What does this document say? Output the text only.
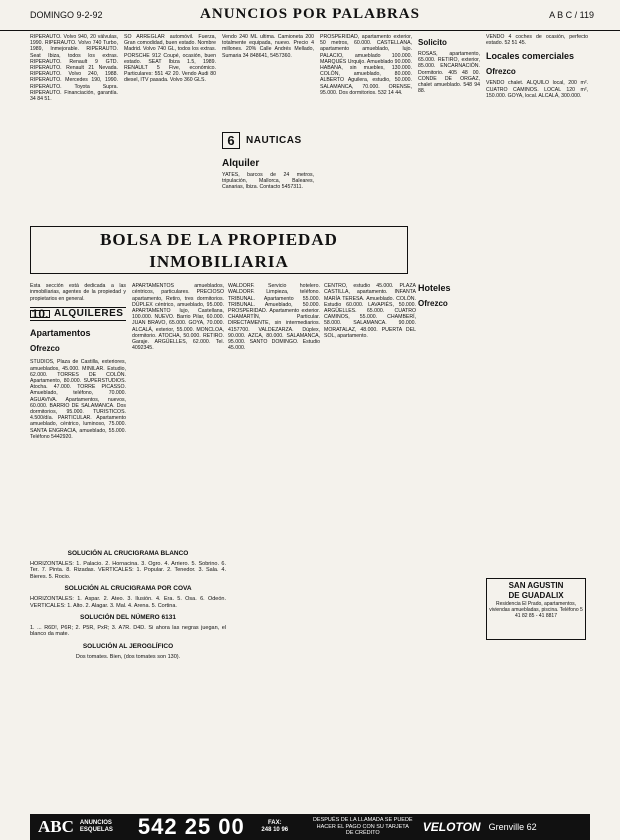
DOMINGO 9-2-92	ANUNCIOS POR PALABRAS	A B C / 119

RIPERAUTO. Volvo 940, 20 válvulas, 1990. RIPERAUTO. Volvo 740 Turbo, 1989, Inmejorable. RIPERAUTO. Seat Ibiza, todos los extras. RIPERAUTO. Renault 9 GTD. RIPERAUTO. Renault 21 Nevada. RIPERAUTO. Volvo 240, 1988. RIPERAUTO. Mercedes 190, 1990. RIPERAUTO. Toyota Supra. RIPERAUTO. Financiación, garantía. 34 84 51.

SO ARREGLAR automóvil. Fuerza, Gran comodidad, buen estado. Nombre Madrid. Volvo 740 GL, todos los extras. PORSCHE 912 Coupé, ocasión, buen estado. SEAT Ibiza 1.5, 1989. RENAULT 5 Five, económico. Particulares: 551 42 20. Vendo Audi 80 diesel, ITV pasada. Volvo 360 GLS.

Vendo 240 ML ultima. Camioneta 200 totalmente equipada, nuevo. Precio 4 millones. 20% Calle Andrés Mellado, Sumaria 34 848641, 5457360.

PROSPERIDAD, apartamento exterior, 50 metros, 60.000. CASTELLANA, apartamento amueblado, lujo. PALACIO, amueblado 100.000. MARQUÉS Urquijo. Amueblado 90.000. HABANA, sin muebles, 130.000. COLÓN, amueblado, 80.000. ALBERTO Aguilera, estudio, 50.000. SALAMANCA, 70.000. ORENSE, 95.000. Dos dormitorios. 532 14 44.

Solicito

ROSAS, apartamento, 65.000. RETIRO, exterior, 85.000. ENCARNACIÓN. Dormitorio. 405 48 00. CONDE DE ORGAZ, chalet amueblado. 548 94 88.

VENDO 4 coches de ocasión, perfecto estado. 52 51 45.

Locales comerciales
Ofrezco

VENDO chalet. ALQUILO local, 200 m². CUATRO CAMINOS. LOCAL 120 m², 150.000. GOYA, local. ALCALÁ, 300.000.

6	NAUTICAS
Alquiler
YATES, barcos de 24 metros, tripulación, Mallorca, Baleares, Canarias, Ibiza. Contacto 5457311.
BOLSA DE LA PROPIEDAD
INMOBILIARIA

Esta sección está dedicada a las inmobiliarias, agentes de la propiedad y propietarios en general.

10. ALQUILERES
Apartamentos
Ofrezco

STUDIOS, Plaza de Castilla, exteriores, amueblados, 45.000. MINILAR. Estudio, 62.000. TORRES DE COLÓN. Apartamento, 80.000. SUPERSTUDIOS. Atocha. 47.000. TORRE PICASSO. Amueblado, teléfono, 70.000. AGUAVIVA. Apartamentos, nuevos, 60.000. BARRIO DE SALAMANCA. Dos dormitorios, 95.000. TURISTICOS. 4.500/día. PARTICULAR. Apartamento amueblado, céntrico, luminoso, 75.000. SANTA ENGRACIA, amueblado, 55.000. Teléfono 5442920.

APARTAMENTOS amueblados, céntricos, particulares. PRECIOSO apartamento, Retiro, tres dormitorios. DÚPLEX céntrico, amueblado, 95.000. APARTAMENTO lujo, Castellana, 100.000. NUEVO. Barrio Pilar, 60.000. JUAN BRAVO, 65.000. GOYA, 70.000. ALCALÁ, exterior, 55.000. MONCLOA, dormitorio. ATOCHA, 50.000. RETIRO. Garaje. ARGÜELLES, 62.000. Tel. 4092345.

WALDORF. Servicio hotelero. WALDORF. Limpieza, teléfono. TRIBUNAL. Apartamento 55.000. TRIBUNAL. Amueblado, 50.000. PROSPERIDAD. Apartamento exterior. CHAMARTÍN, Particular. DIRECTAMENTE, sin intermediarios. 4157700. VALDEZARZA. Dúplex, 90.000. AZCA, 80.000. SALAMANCA, 95.000. SANTO DOMINGO. Estudio 45.000.

CENTRO, estudio 45.000. PLAZA CASTILLA, apartamento. INFANTA MARÍA TERESA. Amueblado. COLÓN. Estudio 60.000. LAVAPIÉS, 50.000. ARGÜELLES. 65.000. CUATRO CAMINOS, 55.000. CHAMBERÍ, 58.000. SALAMANCA. 90.000. MORATALAZ, 48.000. PUERTA DEL SOL, apartamento.

Hoteles
Ofrezco
SOLUCIÓN AL CRUCIGRAMA BLANCO
HORIZONTALES: 1. Palacio. 2. Hornacina. 3. Ogro. 4. Arriero. 5. Sobrino. 6. Ter. 7. Pinta. 8. Rizadas. VERTICALES: 1. Popular. 2. Tenedor. 3. Sala. 4. Bieres. 5. Rocio.
SOLUCIÓN AL CRUCIGRAMA POR COVA
HORIZONTALES: 1. Aspar. 2. Ateo. 3. Ilusión. 4. Era. 5. Osa. 6. Odeón. VERTICALES: 1. Alto. 2. Alagar. 3. Mal. 4. Arena. 5. Cortina.
SOLUCIÓN DEL NÚMERO 6131
1. ... R6D!, P6R; 2. P5R, PxR; 3. A7R. D4D. Si ahora las negras juegan, el blanco da mate.
SOLUCIÓN AL JEROGLÍFICO
Dos tomates. Bien, (dos tomates son 130).
SAN AGUSTIN
DE GUADALIX
Residencia El Prado, apartamentos, viviendas amuebladas, piscina. Teléfono 5 41 82 85 - 41 8817
ABC ANUNCIOS ESQUELAS	542 25 00	FAX:
248 10 96
DESPUÉS DE LA LLAMADA SE PUEDE HACER EL PAGO CON SU TARJETA DE CRÉDITO	VELOTON Grenville 62
